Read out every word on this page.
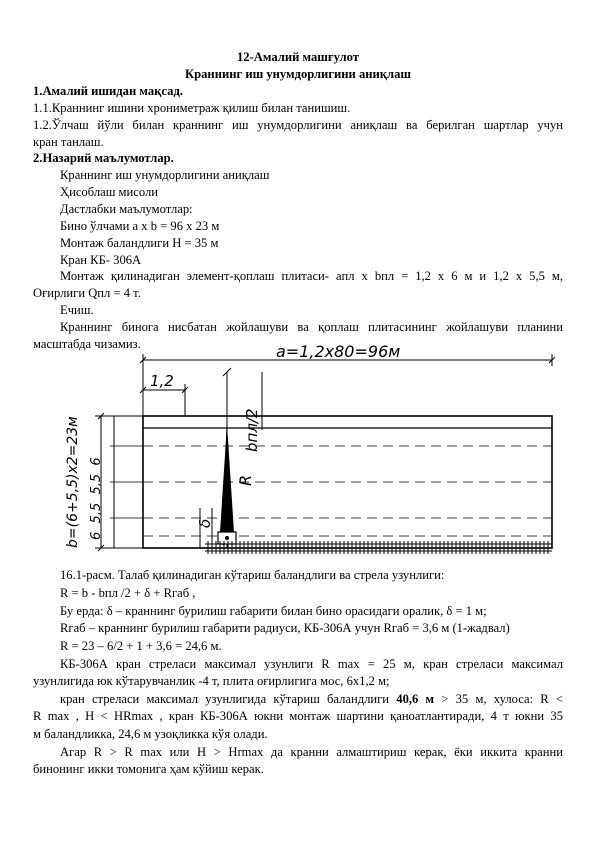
12-Амалий машғулот
Краннинг иш унумдорлигини аниқлаш
1.Амалий ишидан мақсад.
1.1.Краннинг ишини хрониметраж қилиш билан танишиш.
1.2.Ўлчаш йўли билан краннинг иш унумдорлигини аниқлаш ва берилган шартлар учун
кран танлаш.
2.Назарий маълумотлар.
Краннинг иш унумдорлигини аниқлаш
Ҳисоблаш мисоли
Дастлабки маълумотлар:
Бино ўлчами a x b = 96 х 23 м
Монтаж баландлиги H = 35 м
Кран КБ- 306А
Монтаж қилинадиган элемент-қоплаш плитаси- aпл х bпл = 1,2 х 6 м и 1,2 х 5,5 м,
Оғирлиги Qпл = 4 т.
Ечиш.
Краннинг бинога нисбатан жойлашуви ва қоплаш плитасининг жойлашуви планини
масштабда чизамиз.	a=1,2x80=96м
1,2
R
bпл/2
δ
b=(6+5,5)x2=23м 6  5,5  5,5  6
16.1-расм. Талаб қилинадиган кўтариш баландлиги ва стрела узунлиги:
R = b - bпл /2 + δ + Rгаб ,
Бу ерда: δ – краннинг бурилиш габарити билан бино орасидаги оралик, δ = 1 м;
Rгаб – краннинг бурилиш габарити радиуси, КБ-306А учун Rгаб = 3,6 м (1-жадвал)
R = 23 – 6/2 + 1 + 3,6 = 24,6 м.
КБ-306А кран стреласи максимал узунлиги R max = 25 м, кран стреласи максимал
узунлигида юк кўтарувчанлик -4 т, плита оғирлигига мос, 6х1,2 м;
кран стреласи максимал узунлигида кўтариш баландлиги 40,6 м > 35 м, хулоса: R <
R max , H < HRmax , кран КБ-306А юкни монтаж шартини қаноатлантиради, 4 т юкни 35
м баландликка, 24,6 м узоқликка кўя олади.
Агар R > R max или H > Hrmax да кранни алмаштириш керак, ёки иккита кранни
бинонинг икки томонига ҳам кўйиш керак.
